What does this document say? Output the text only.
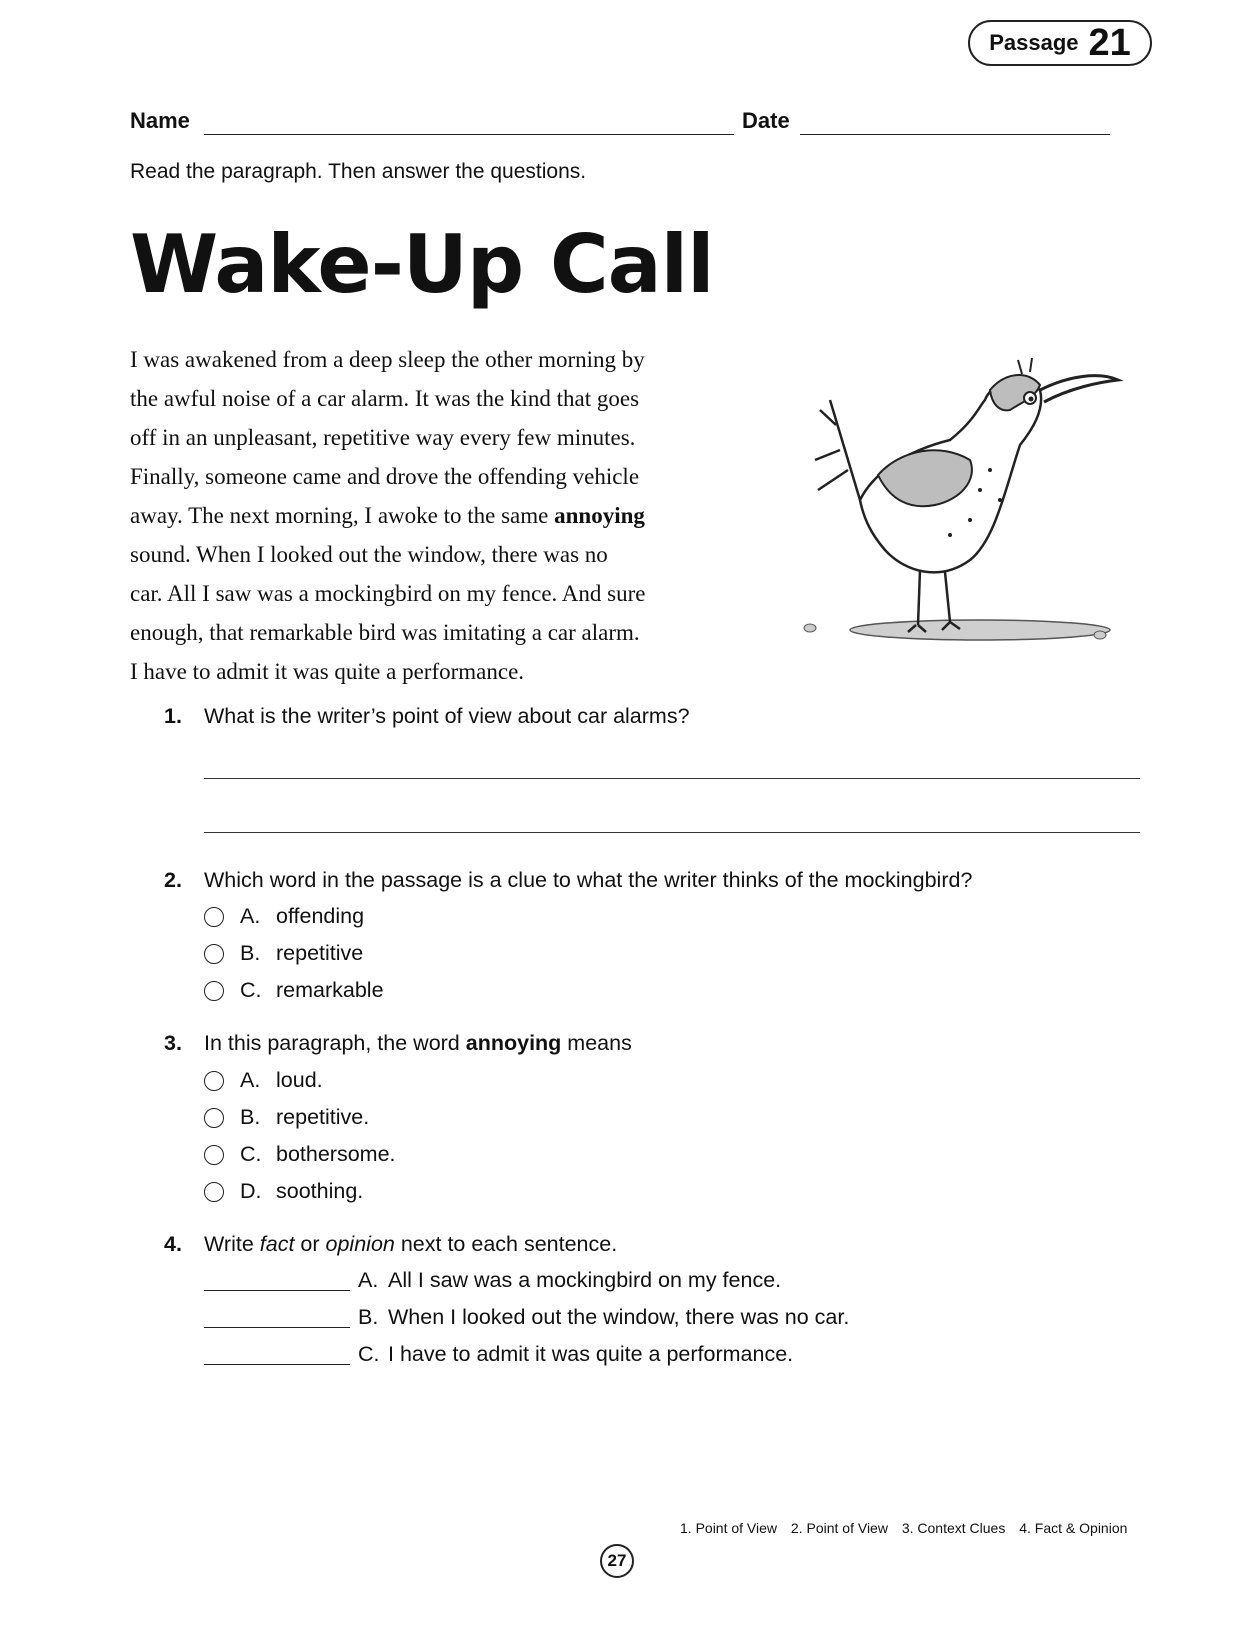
Passage 21
Name	Date
Read the paragraph. Then answer the questions.
Wake-Up Call
I was awakened from a deep sleep the other morning by
the awful noise of a car alarm. It was the kind that goes
off in an unpleasant, repetitive way every few minutes.
Finally, someone came and drove the offending vehicle
away. The next morning, I awoke to the same annoying
sound. When I looked out the window, there was no
car. All I saw was a mockingbird on my fence. And sure
enough, that remarkable bird was imitating a car alarm.
I have to admit it was quite a performance.
1. What is the writer’s point of view about car alarms?
2. Which word in the passage is a clue to what the writer thinks of the mockingbird?
A. offending
B. repetitive
C. remarkable
3. In this paragraph, the word annoying means
A. loud.
B. repetitive.
C. bothersome.
D. soothing.
4. Write fact or opinion next to each sentence.
A. All I saw was a mockingbird on my fence.
B. When I looked out the window, there was no car.
C. I have to admit it was quite a performance.
1. Point of View 2. Point of View 3. Context Clues 4. Fact & Opinion
27
